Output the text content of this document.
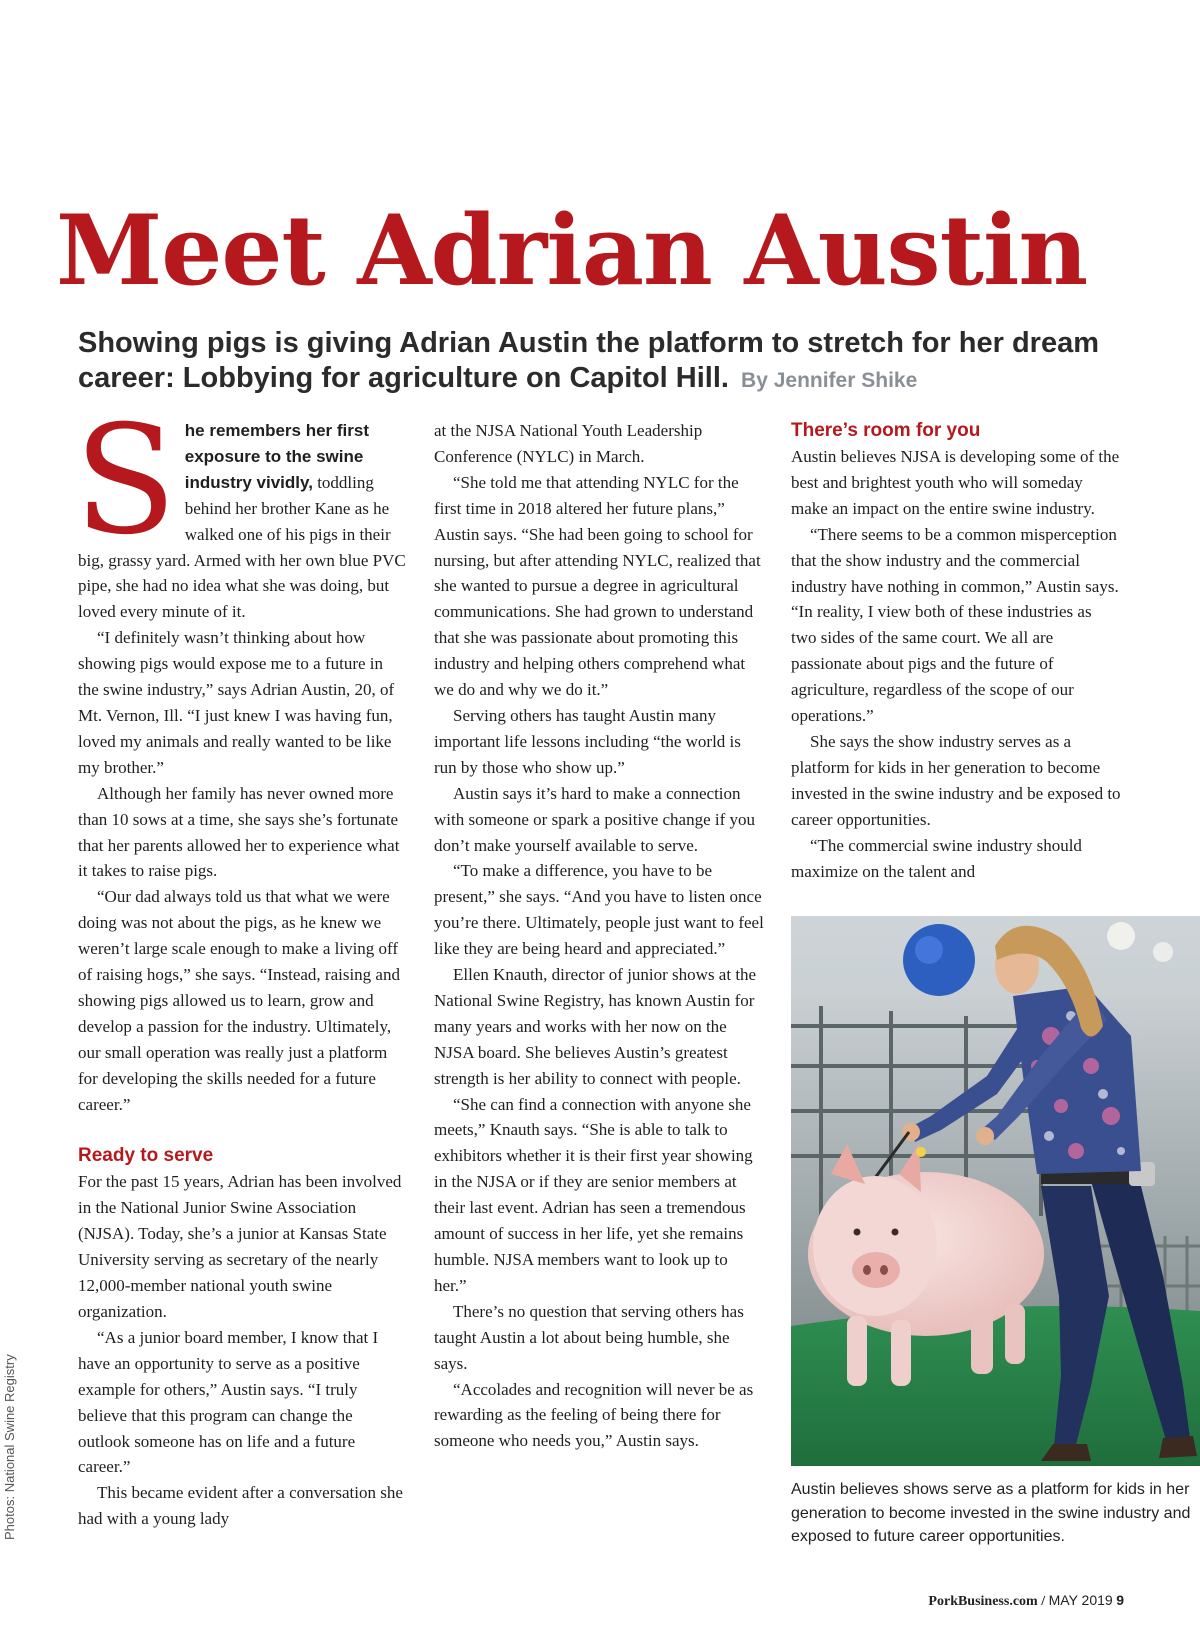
Meet Adrian Austin

Showing pigs is giving Adrian Austin the platform to stretch for her dream career: Lobbying for agriculture on Capitol Hill. By Jennifer Shike

She remembers her first exposure to the swine industry vividly, toddling behind her brother Kane as he walked one of his pigs in their big, grassy yard. Armed with her own blue PVC pipe, she had no idea what she was doing, but loved every minute of it.

“I definitely wasn’t thinking about how showing pigs would expose me to a future in the swine industry,” says Adrian Austin, 20, of Mt. Vernon, Ill. “I just knew I was having fun, loved my animals and really wanted to be like my brother.”

Although her family has never owned more than 10 sows at a time, she says she’s fortunate that her parents allowed her to experience what it takes to raise pigs.

“Our dad always told us that what we were doing was not about the pigs, as he knew we weren’t large scale enough to make a living off of raising hogs,” she says. “Instead, raising and showing pigs allowed us to learn, grow and develop a passion for the industry. Ultimately, our small operation was really just a platform for developing the skills needed for a future career.”

Ready to serve

For the past 15 years, Adrian has been involved in the National Junior Swine Association (NJSA). Today, she’s a junior at Kansas State University serving as secretary of the nearly 12,000-member national youth swine organization.

“As a junior board member, I know that I have an opportunity to serve as a positive example for others,” Austin says. “I truly believe that this program can change the outlook someone has on life and a future career.”

This became evident after a conversation she had with a young lady

at the NJSA National Youth Leadership Conference (NYLC) in March.

“She told me that attending NYLC for the first time in 2018 altered her future plans,” Austin says. “She had been going to school for nursing, but after attending NYLC, realized that she wanted to pursue a degree in agricultural communications. She had grown to understand that she was passionate about promoting this industry and helping others comprehend what we do and why we do it.”

Serving others has taught Austin many important life lessons including “the world is run by those who show up.”

Austin says it’s hard to make a connection with someone or spark a positive change if you don’t make yourself available to serve.

“To make a difference, you have to be present,” she says. “And you have to listen once you’re there. Ultimately, people just want to feel like they are being heard and appreciated.”

Ellen Knauth, director of junior shows at the National Swine Registry, has known Austin for many years and works with her now on the NJSA board. She believes Austin’s greatest strength is her ability to connect with people.

“She can find a connection with anyone she meets,” Knauth says. “She is able to talk to exhibitors whether it is their first year showing in the NJSA or if they are senior members at their last event. Adrian has seen a tremendous amount of success in her life, yet she remains humble. NJSA members want to look up to her.”

There’s no question that serving others has taught Austin a lot about being humble, she says.

“Accolades and recognition will never be as rewarding as the feeling of being there for someone who needs you,” Austin says.

There’s room for you

Austin believes NJSA is developing some of the best and brightest youth who will someday make an impact on the entire swine industry.

“There seems to be a common misperception that the show industry and the commercial industry have nothing in common,” Austin says. “In reality, I view both of these industries as two sides of the same court. We all are passionate about pigs and the future of agriculture, regardless of the scope of our operations.”

She says the show industry serves as a platform for kids in her generation to become invested in the swine industry and be exposed to career opportunities.

“The commercial swine industry should maximize on the talent and

Austin believes shows serve as a platform for kids in her generation to become invested in the swine industry and exposed to future career opportunities.

Photos: National Swine Registry

PorkBusiness.com / MAY 2019 9
